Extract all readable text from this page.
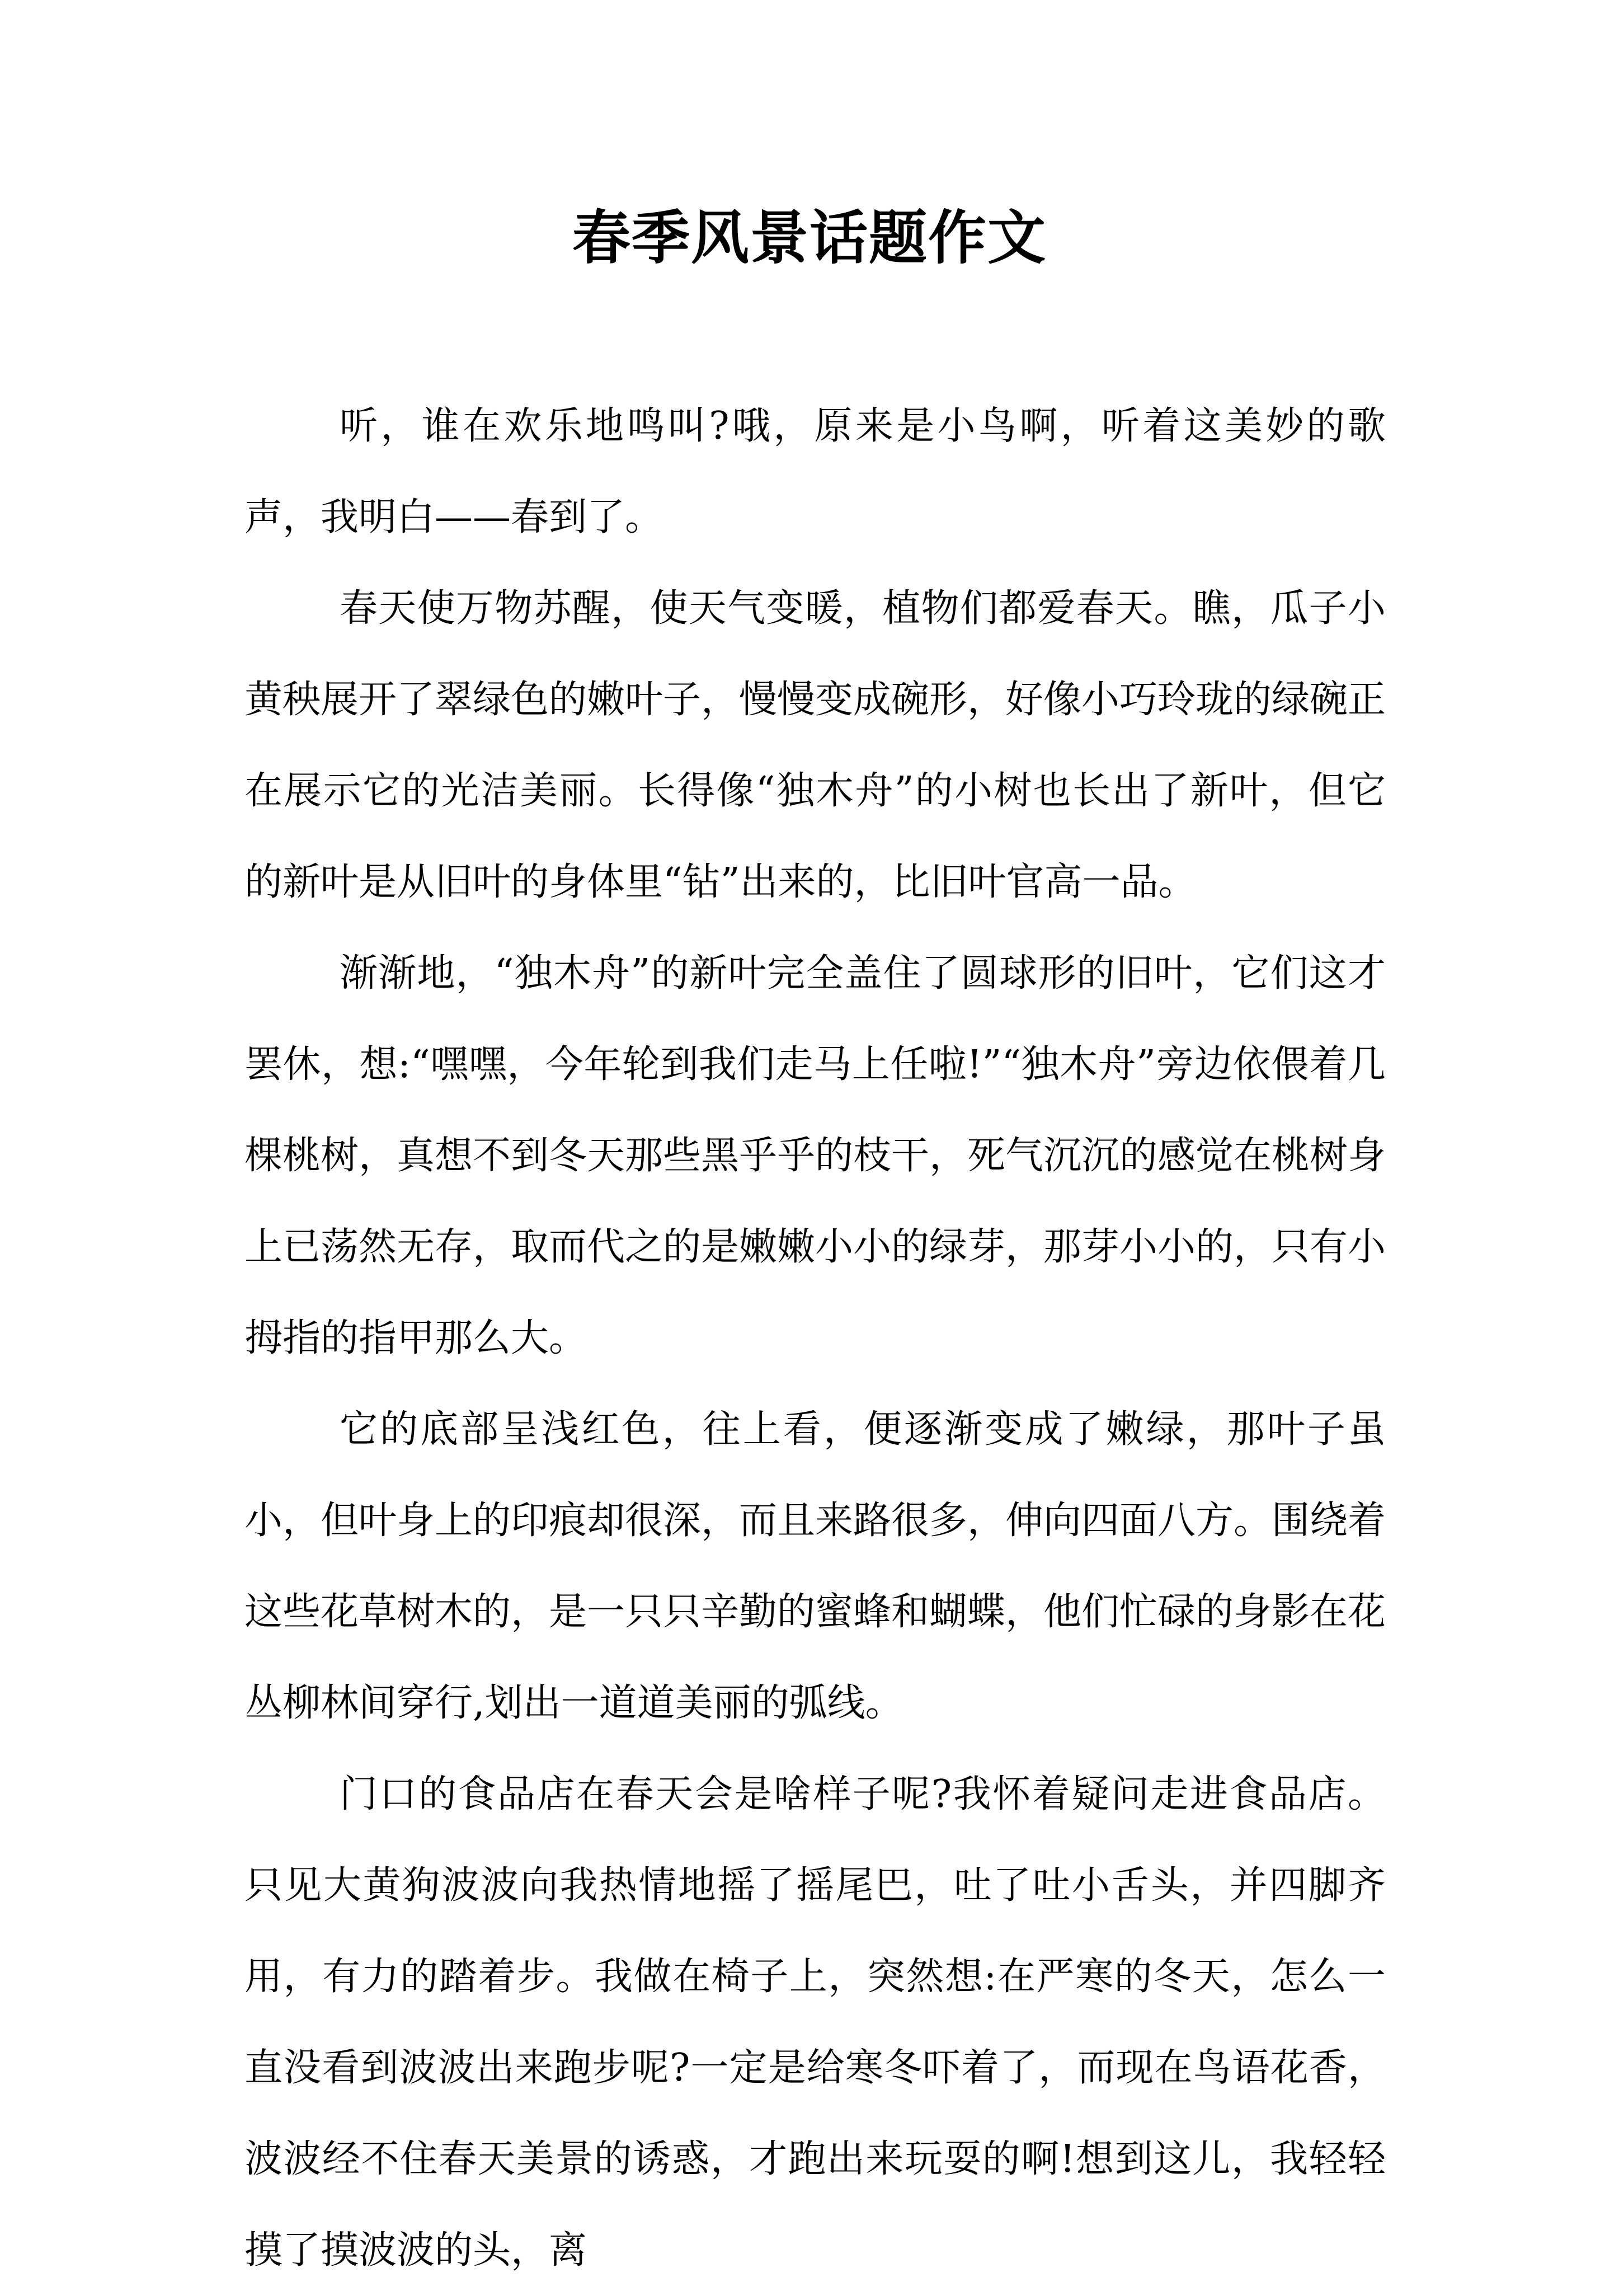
春季风景话题作文

听，谁在欢乐地鸣叫?哦，原来是小鸟啊，听着这美妙的歌声，我明白——春到了。

春天使万物苏醒，使天气变暖，植物们都爱春天。瞧，瓜子小黄秧展开了翠绿色的嫩叶子，慢慢变成碗形，好像小巧玲珑的绿碗正在展示它的光洁美丽。长得像“独木舟”的小树也长出了新叶，但它的新叶是从旧叶的身体里“钻”出来的，比旧叶官高一品。

渐渐地，“独木舟”的新叶完全盖住了圆球形的旧叶，它们这才罢休，想:“嘿嘿，今年轮到我们走马上任啦!”“独木舟”旁边依偎着几棵桃树，真想不到冬天那些黑乎乎的枝干，死气沉沉的感觉在桃树身上已荡然无存，取而代之的是嫩嫩小小的绿芽，那芽小小的，只有小拇指的指甲那么大。

它的底部呈浅红色，往上看，便逐渐变成了嫩绿，那叶子虽小，但叶身上的印痕却很深，而且来路很多，伸向四面八方。围绕着这些花草树木的，是一只只辛勤的蜜蜂和蝴蝶，他们忙碌的身影在花丛柳林间穿行,划出一道道美丽的弧线。

门口的食品店在春天会是啥样子呢?我怀着疑问走进食品店。只见大黄狗波波向我热情地摇了摇尾巴，吐了吐小舌头，并四脚齐用，有力的踏着步。我做在椅子上，突然想:在严寒的冬天，怎么一直没看到波波出来跑步呢?一定是给寒冬吓着了，而现在鸟语花香，波波经不住春天美景的诱惑，才跑出来玩耍的啊!想到这儿，我轻轻摸了摸波波的头，离
